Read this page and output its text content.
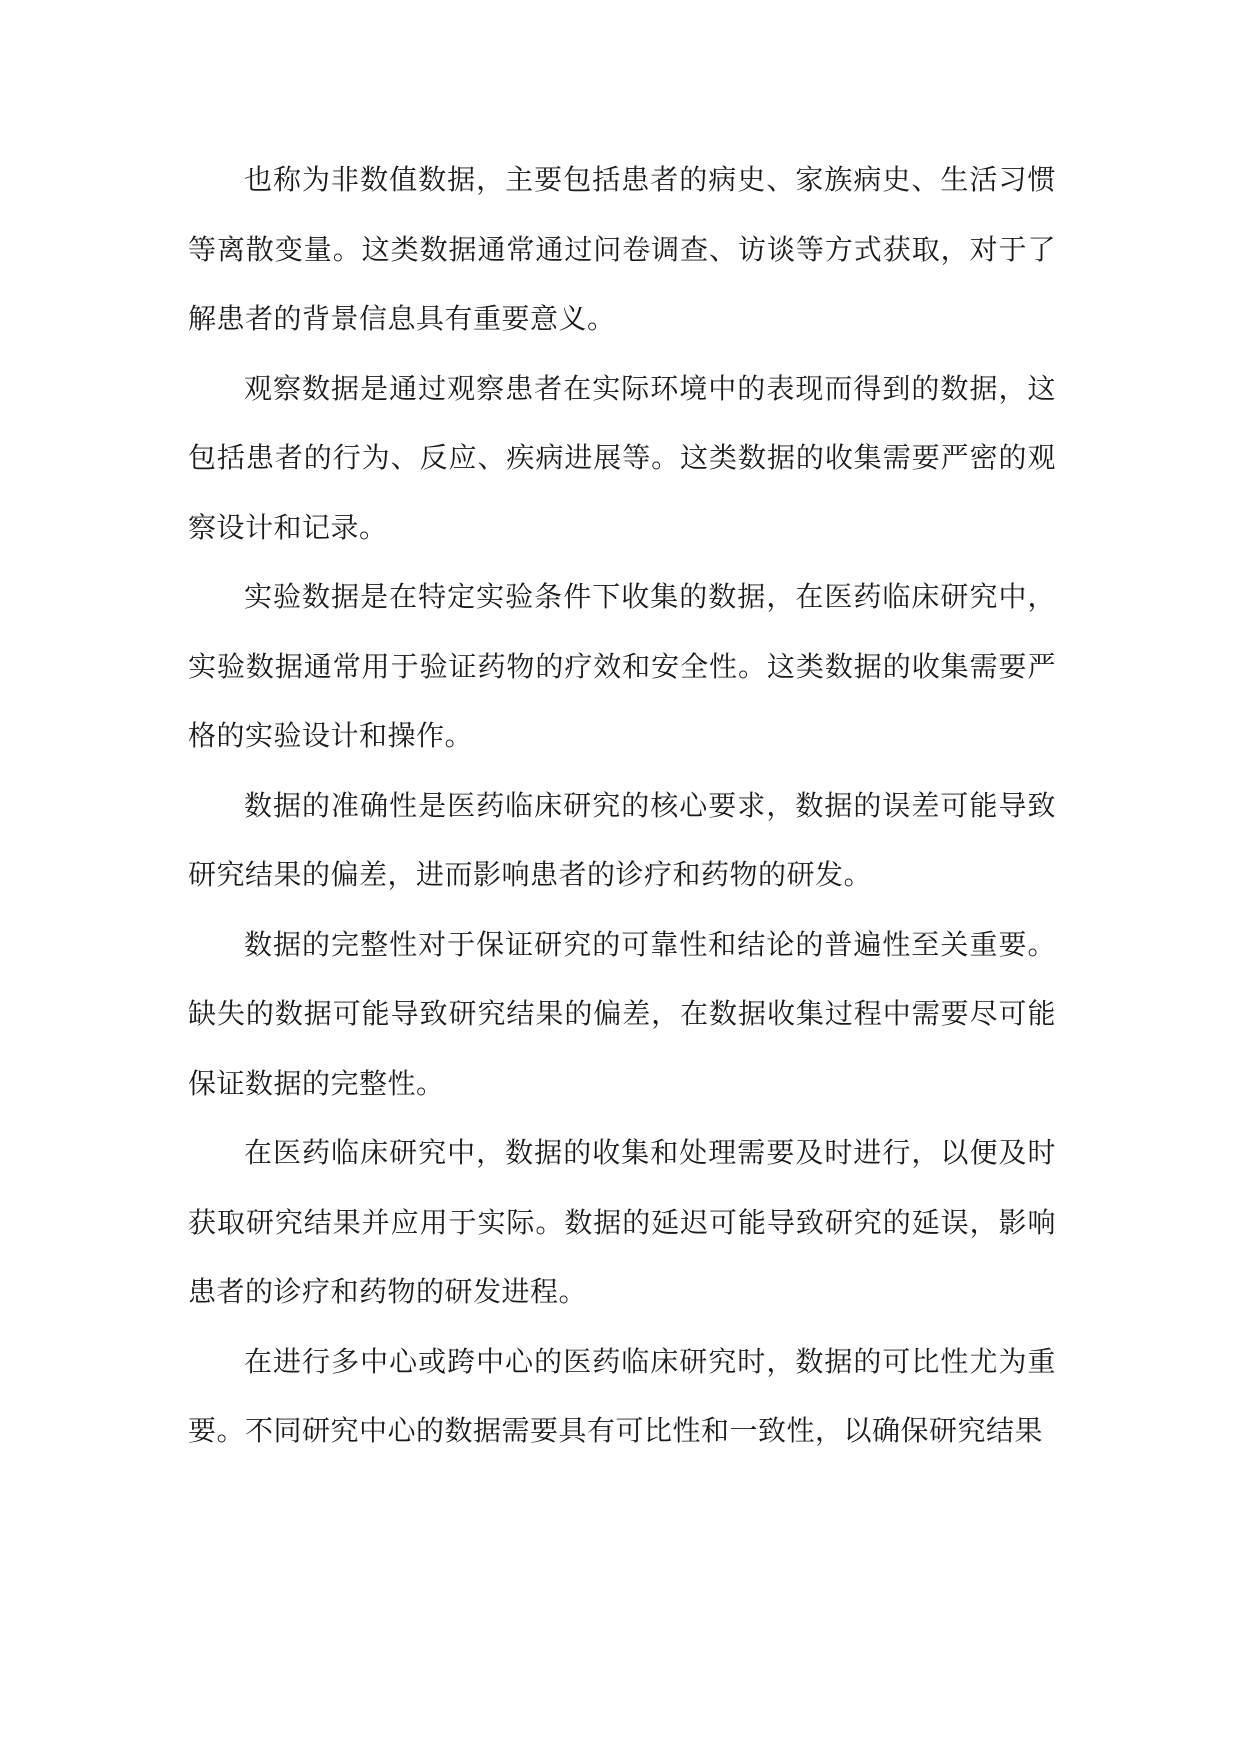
也称为非数值数据，主要包括患者的病史、家族病史、生活习惯等离散变量。这类数据通常通过问卷调查、访谈等方式获取，对于了解患者的背景信息具有重要意义。

观察数据是通过观察患者在实际环境中的表现而得到的数据，这包括患者的行为、反应、疾病进展等。这类数据的收集需要严密的观察设计和记录。

实验数据是在特定实验条件下收集的数据，在医药临床研究中，实验数据通常用于验证药物的疗效和安全性。这类数据的收集需要严格的实验设计和操作。

数据的准确性是医药临床研究的核心要求，数据的误差可能导致研究结果的偏差，进而影响患者的诊疗和药物的研发。

数据的完整性对于保证研究的可靠性和结论的普遍性至关重要。缺失的数据可能导致研究结果的偏差，在数据收集过程中需要尽可能保证数据的完整性。

在医药临床研究中，数据的收集和处理需要及时进行，以便及时获取研究结果并应用于实际。数据的延迟可能导致研究的延误，影响患者的诊疗和药物的研发进程。

在进行多中心或跨中心的医药临床研究时，数据的可比性尤为重要。不同研究中心的数据需要具有可比性和一致性，以确保研究结果
